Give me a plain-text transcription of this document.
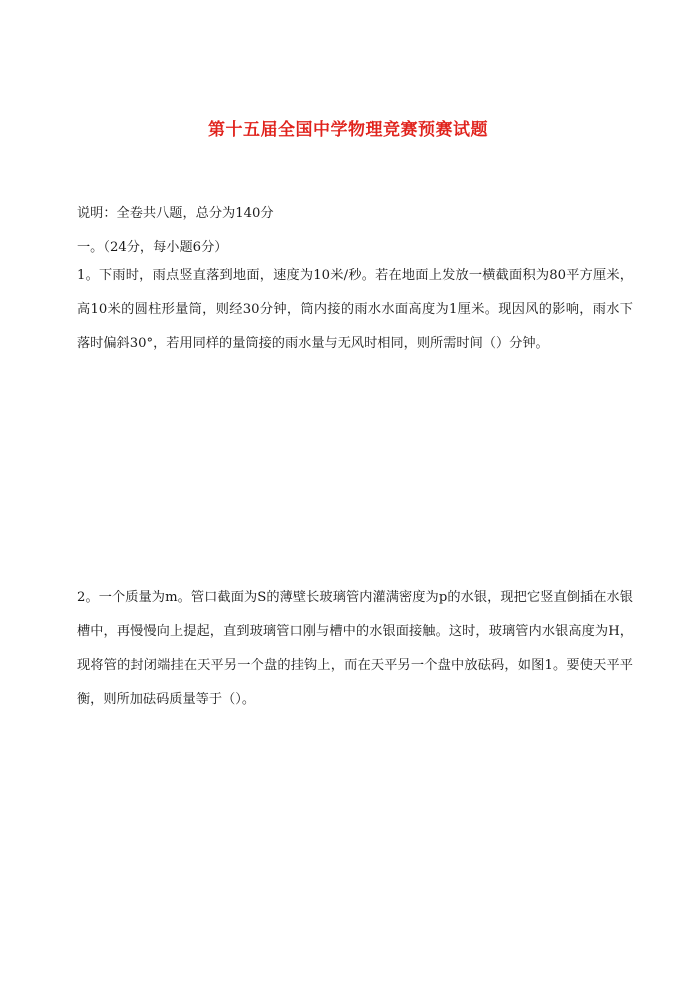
第十五届全国中学物理竞赛预赛试题
说明：全卷共八题，总分为140分
一。（24分，每小题6分）
1。下雨时，雨点竖直落到地面，速度为10米/秒。若在地面上发放一横截面积为80平方厘米，高10米的圆柱形量筒，则经30分钟，筒内接的雨水水面高度为1厘米。现因风的影响，雨水下落时偏斜30°，若用同样的量筒接的雨水量与无风时相同，则所需时间（）分钟。
2。一个质量为m。管口截面为S的薄壁长玻璃管内灌满密度为p的水银，现把它竖直倒插在水银槽中，再慢慢向上提起，直到玻璃管口刚与槽中的水银面接触。这时，玻璃管内水银高度为H，现将管的封闭端挂在天平另一个盘的挂钩上，而在天平另一个盘中放砝码，如图1。要使天平平衡，则所加砝码质量等于（）。
